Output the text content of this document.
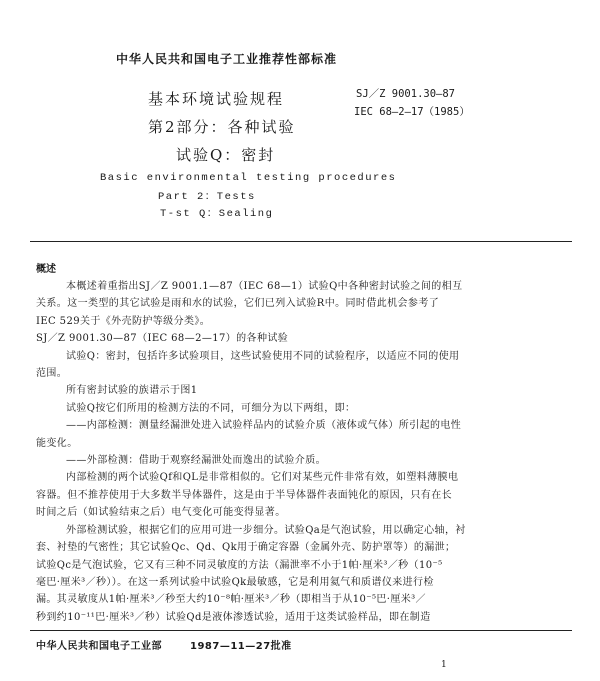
中华人民共和国电子工业推荐性部标准
基本环境试验规程
第2部分：各种试验
试验Q：密封
SJ／Z 9001.30—87
IEC 68—2—17（1985）
Basic environmental testing procedures
Part 2：Tests
T-st Q：Sealing
概述

本概述着重指出SJ／Z 9001.1—87（IEC 68—1）试验Q中各种密封试验之间的相互

关系。这一类型的其它试验是雨和水的试验，它们已列入试验R中。同时借此机会参考了

IEC 529关于《外壳防护等级分类》。

SJ／Z 9001.30—87（IEC 68—2—17）的各种试验

试验Q：密封，包括许多试验项目，这些试验使用不同的试验程序，以适应不同的使用

范围。

所有密封试验的族谱示于图1

试验Q按它们所用的检测方法的不同，可细分为以下两组，即：

——内部检测：测量经漏泄处进入试验样品内的试验介质（液体或气体）所引起的电性

能变化。

——外部检测：借助于观察经漏泄处而逸出的试验介质。

内部检测的两个试验Qf和QL是非常相似的。它们对某些元件非常有效，如塑料薄膜电

容器。但不推荐使用于大多数半导体器件，这是由于半导体器件表面钝化的原因，只有在长

时间之后（如试验结束之后）电气变化可能变得显著。

外部检测试验，根据它们的应用可进一步细分。试验Qa是气泡试验，用以确定心轴，衬

套、衬垫的气密性；其它试验Qc、Qd、Qk用于确定容器（金属外壳、防护罩等）的漏泄；

试验Qc是气泡试验，它又有三种不同灵敏度的方法（漏泄率不小于1帕·厘米³／秒（10⁻⁵

毫巴·厘米³／秒））。在这一系列试验中试验Qk最敏感，它是利用氦气和质谱仪来进行检

漏。其灵敏度从1帕·厘米³／秒至大约10⁻⁸帕·厘米³／秒（即相当于从10⁻⁵巴·厘米³／

秒到约10⁻¹¹巴·厘米³／秒）试验Qd是液体渗透试验，适用于这类试验样品，即在制造

中华人民共和国电子工业部	1987—11—27批准
1
